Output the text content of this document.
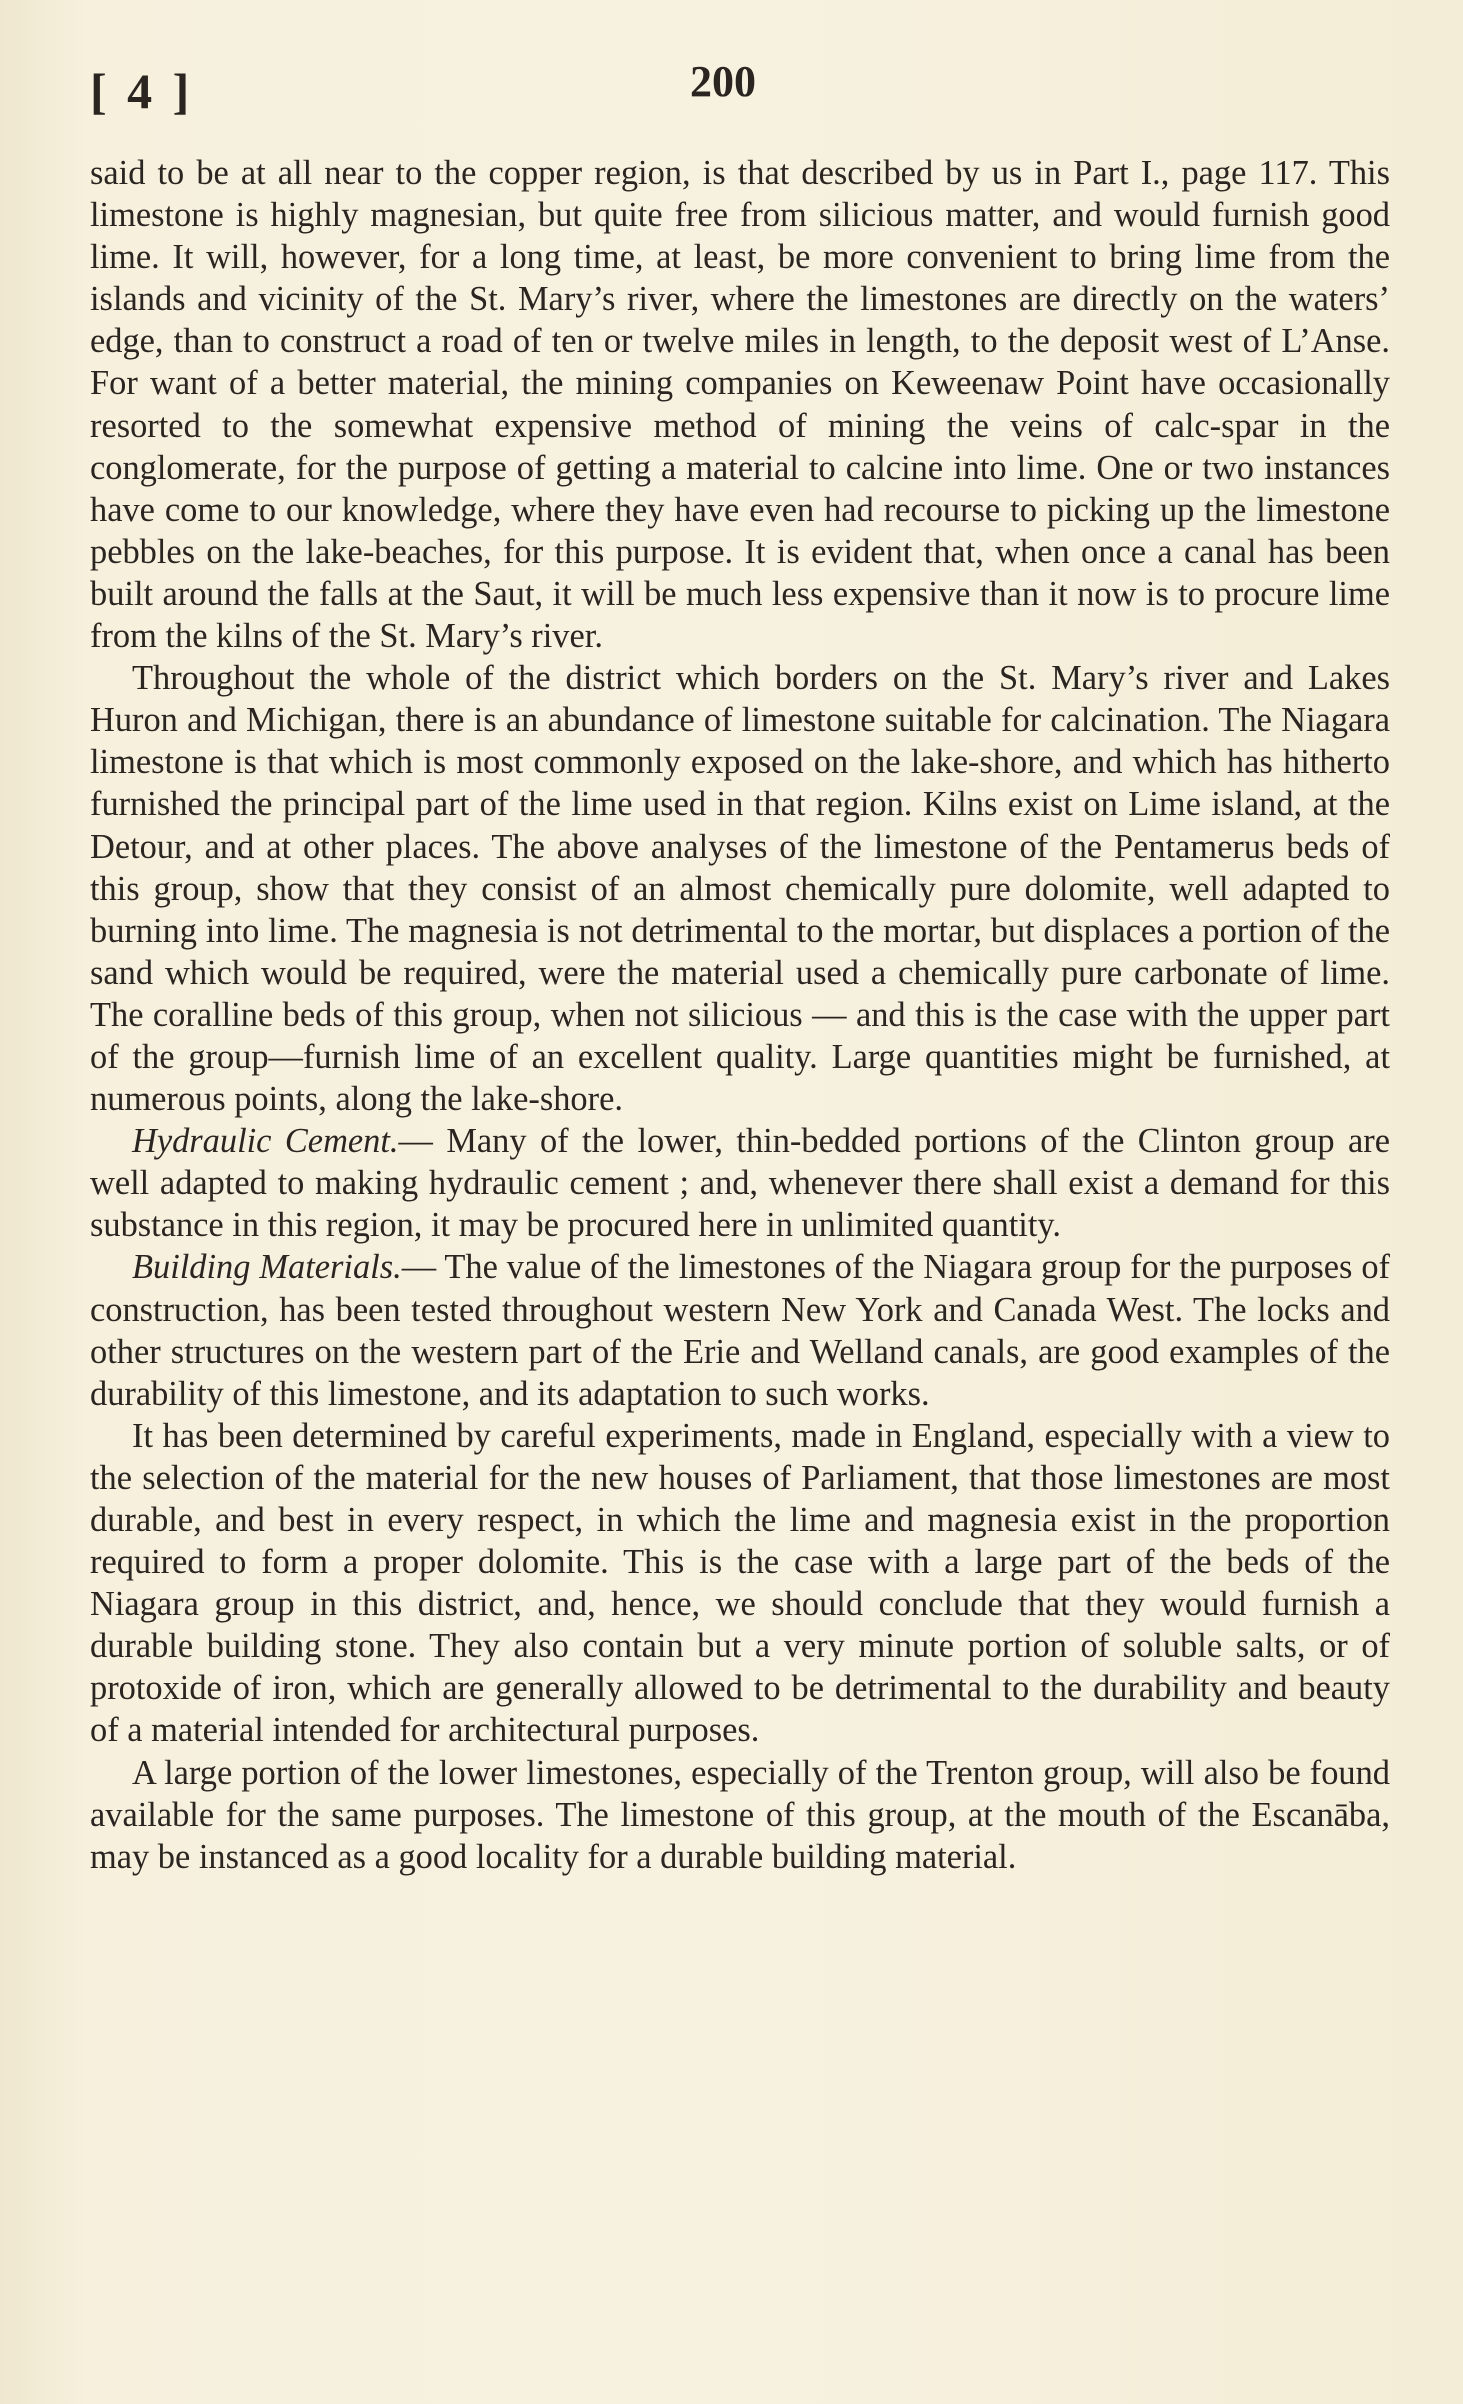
[ 4 ]	200

said to be at all near to the copper region, is that described by us in Part I., page 117. This limestone is highly magnesian, but quite free from silicious matter, and would furnish good lime. It will, however, for a long time, at least, be more convenient to bring lime from the islands and vicinity of the St. Mary’s river, where the limestones are directly on the waters’ edge, than to construct a road of ten or twelve miles in length, to the deposit west of L’Anse. For want of a better material, the mining companies on Keweenaw Point have occasionally resorted to the somewhat expensive method of mining the veins of calc-spar in the conglomerate, for the purpose of getting a material to calcine into lime. One or two instances have come to our knowledge, where they have even had recourse to picking up the limestone pebbles on the lake-beaches, for this purpose. It is evident that, when once a canal has been built around the falls at the Saut, it will be much less expensive than it now is to procure lime from the kilns of the St. Mary’s river.

Throughout the whole of the district which borders on the St. Mary’s river and Lakes Huron and Michigan, there is an abundance of limestone suitable for calcination. The Niagara limestone is that which is most commonly exposed on the lake-shore, and which has hitherto furnished the principal part of the lime used in that region. Kilns exist on Lime island, at the Detour, and at other places. The above analyses of the limestone of the Pentamerus beds of this group, show that they consist of an almost chemically pure dolomite, well adapted to burning into lime. The magnesia is not detrimental to the mortar, but displaces a portion of the sand which would be required, were the material used a chemically pure carbonate of lime. The coralline beds of this group, when not silicious — and this is the case with the upper part of the group—furnish lime of an excellent quality. Large quantities might be furnished, at numerous points, along the lake-shore.

Hydraulic Cement.— Many of the lower, thin-bedded portions of the Clinton group are well adapted to making hydraulic cement ; and, whenever there shall exist a demand for this substance in this region, it may be procured here in unlimited quantity.

Building Materials.— The value of the limestones of the Niagara group for the purposes of construction, has been tested throughout western New York and Canada West. The locks and other structures on the western part of the Erie and Welland canals, are good examples of the durability of this limestone, and its adaptation to such works.

It has been determined by careful experiments, made in England, especially with a view to the selection of the material for the new houses of Parliament, that those limestones are most durable, and best in every respect, in which the lime and magnesia exist in the proportion required to form a proper dolomite. This is the case with a large part of the beds of the Niagara group in this district, and, hence, we should conclude that they would furnish a durable building stone. They also contain but a very minute portion of soluble salts, or of protoxide of iron, which are generally allowed to be detrimental to the durability and beauty of a material intended for architectural purposes.

A large portion of the lower limestones, especially of the Trenton group, will also be found available for the same purposes. The limestone of this group, at the mouth of the Escanāba, may be instanced as a good locality for a durable building material.
